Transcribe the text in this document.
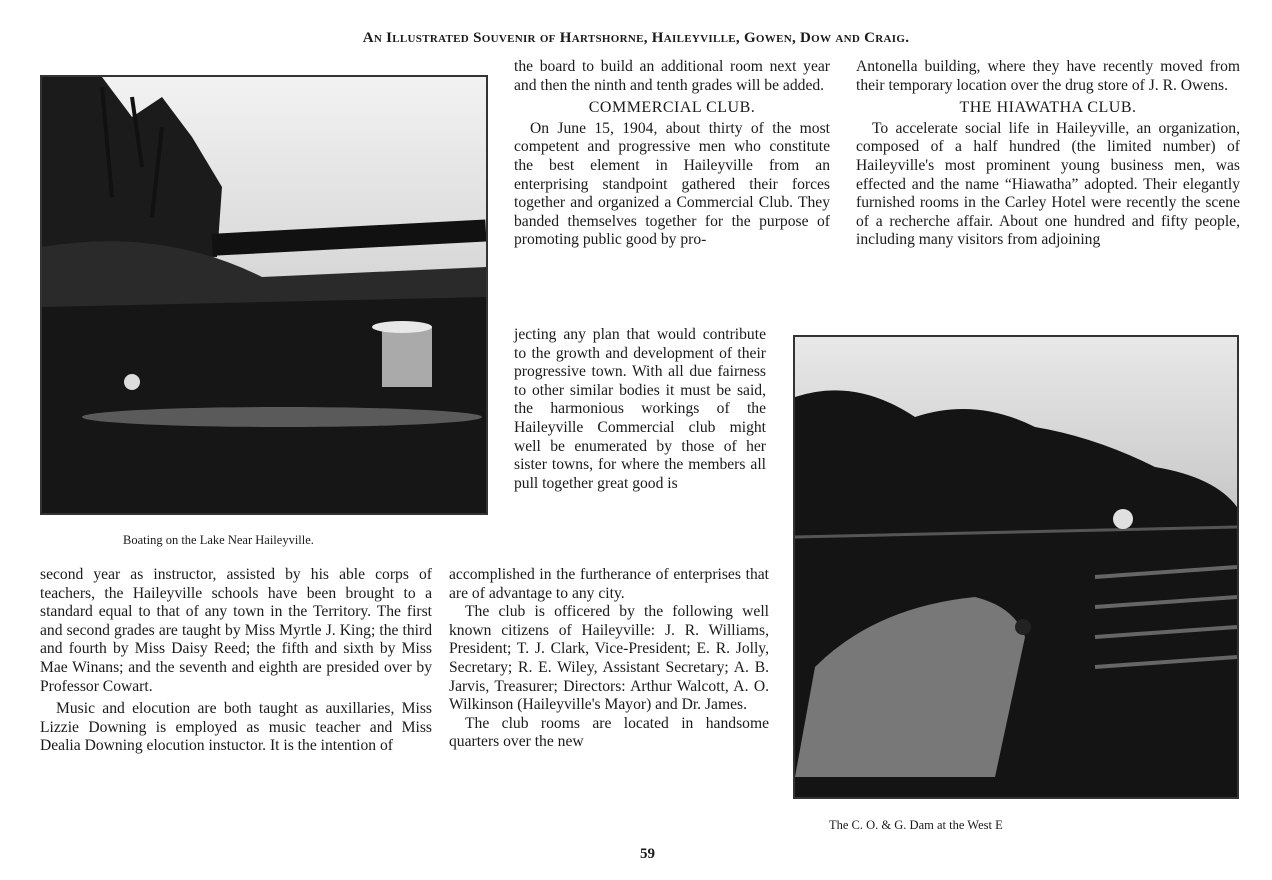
An Illustrated Souvenir of Hartshorne, Haileyville, Gowen, Dow and Craig.
Boating on the Lake Near Haileyville.

second year as instructor, assisted by his able corps of teachers, the Haileyville schools have been brought to a standard equal to that of any town in the Territory. The first and second grades are taught by Miss Myrtle J. King; the third and fourth by Miss Daisy Reed; the fifth and sixth by Miss Mae Winans; and the seventh and eighth are presided over by Professor Cowart.

Music and elocution are both taught as auxillaries, Miss Lizzie Downing is employed as music teacher and Miss Dealia Downing elocution instuctor. It is the intention of

the board to build an additional room next year and then the ninth and tenth grades will be added.

COMMERCIAL CLUB.

On June 15, 1904, about thirty of the most competent and progressive men who constitute the best element in Haileyville from an enterprising standpoint gathered their forces together and organized a Commercial Club. They banded themselves together for the purpose of promoting public good by pro-

jecting any plan that would contribute to the growth and development of their progressive town. With all due fairness to other similar bodies it must be said, the harmonious workings of the Haileyville Commercial club might well be enumerated by those of her sister towns, for where the members all pull together great good is

accomplished in the furtherance of enterprises that are of advantage to any city.

The club is officered by the following well known citizens of Haileyville: J. R. Williams, President; T. J. Clark, Vice-President; E. R. Jolly, Secretary; R. E. Wiley, Assistant Secretary; A. B. Jarvis, Treasurer; Directors: Arthur Walcott, A. O. Wilkinson (Haileyville's Mayor) and Dr. James.

The club rooms are located in handsome quarters over the new

Antonella building, where they have recently moved from their temporary location over the drug store of J. R. Owens.

THE HIAWATHA CLUB.

To accelerate social life in Haileyville, an organization, composed of a half hundred (the limited number) of Haileyville's most prominent young business men, was effected and the name “Hiawatha” adopted. Their elegantly furnished rooms in the Carley Hotel were recently the scene of a recherche affair. About one hundred and fifty people, including many visitors from adjoining

The C. O. & G. Dam at the West E
59
